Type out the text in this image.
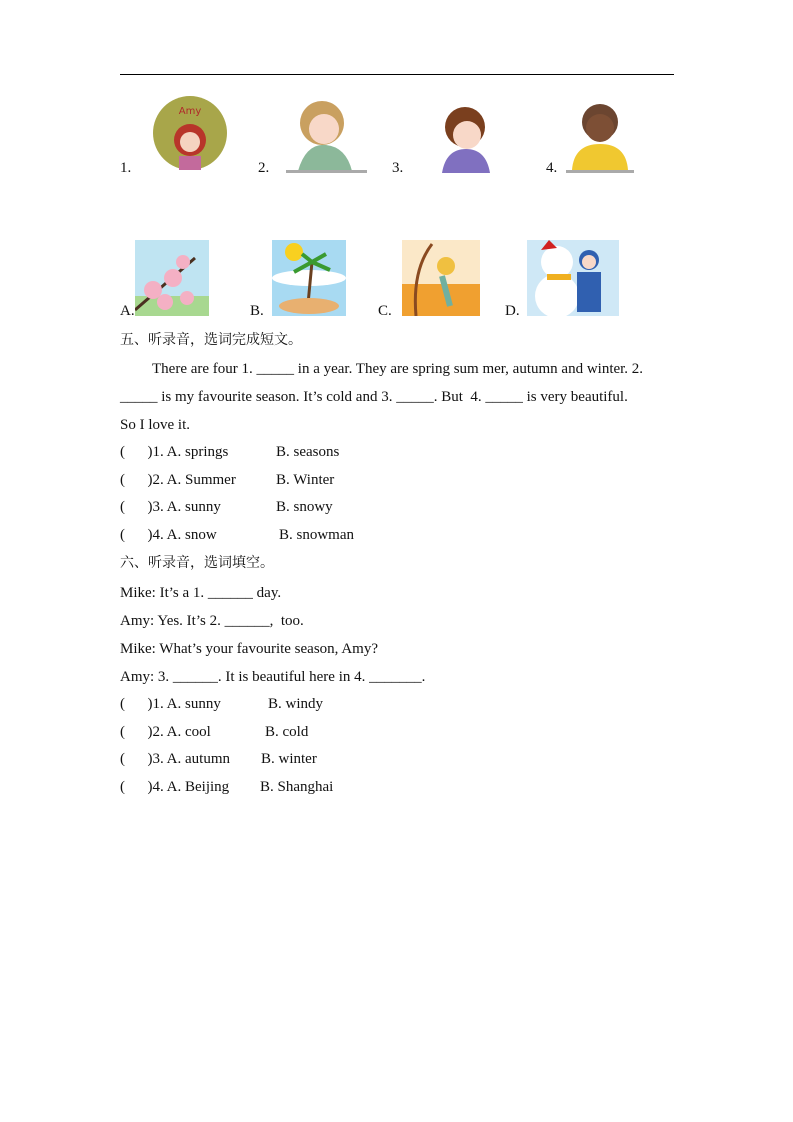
1.	2.	3.	4.
Amy
A.	B.	C.	D.
五、听录音，选词完成短文。
There are four 1. _____ in a year. They are spring sum mer, autumn and winter. 2.
_____ is my favourite season. It’s cold and 3. _____. But  4. _____ is very beautiful.
So I love it.
(      )1. A. springs	B. seasons
(      )2. A. Summer	B. Winter
(      )3. A. sunny	B. snowy
(      )4. A. snow	B. snowman
六、听录音，选词填空。
Mike: It’s a 1. ______ day.
Amy: Yes. It’s 2. ______,  too.
Mike: What’s your favourite season, Amy?
Amy: 3. ______. It is beautiful here in 4. _______.
(      )1. A. sunny	B. windy
(      )2. A. cool	B. cold
(      )3. A. autumn B. winter
(      )4. A. Beijing B. Shanghai
